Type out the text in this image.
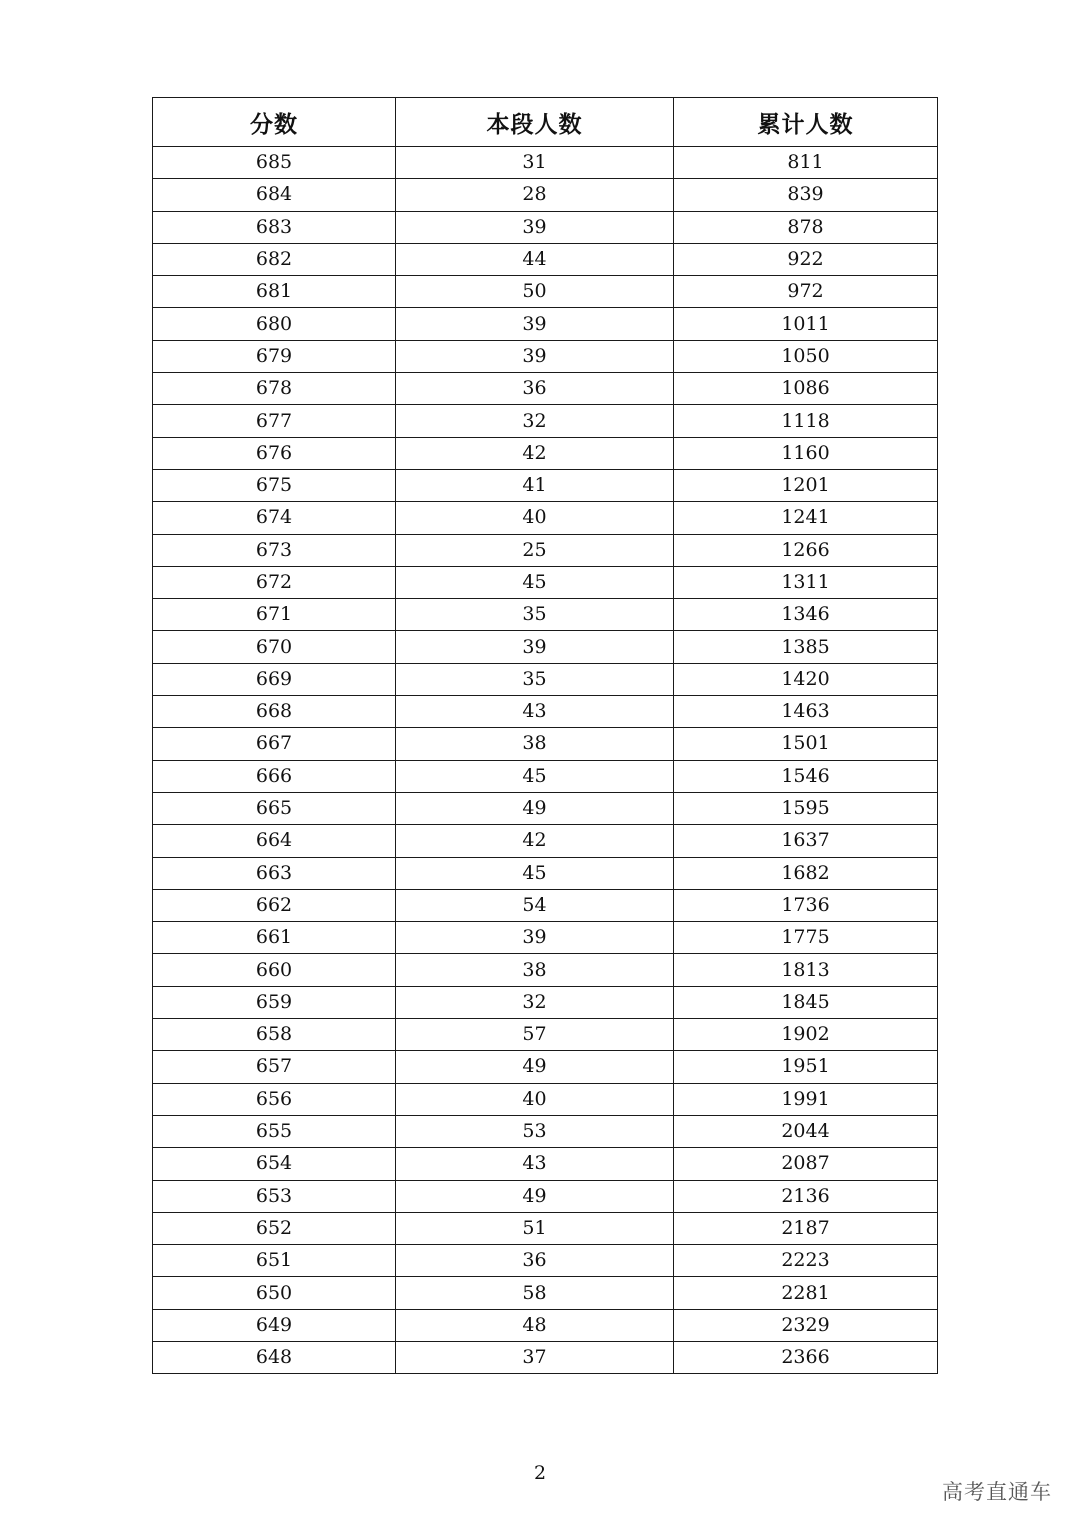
分数	本段人数	累计人数
685	31	811
684	28	839
683	39	878
682	44	922
681	50	972
680	39	1011
679	39	1050
678	36	1086
677	32	1118
676	42	1160
675	41	1201
674	40	1241
673	25	1266
672	45	1311
671	35	1346
670	39	1385
669	35	1420
668	43	1463
667	38	1501
666	45	1546
665	49	1595
664	42	1637
663	45	1682
662	54	1736
661	39	1775
660	38	1813
659	32	1845
658	57	1902
657	49	1951
656	40	1991
655	53	2044
654	43	2087
653	49	2136
652	51	2187
651	36	2223
650	58	2281
649	48	2329
648	37	2366
2
高考直通车
